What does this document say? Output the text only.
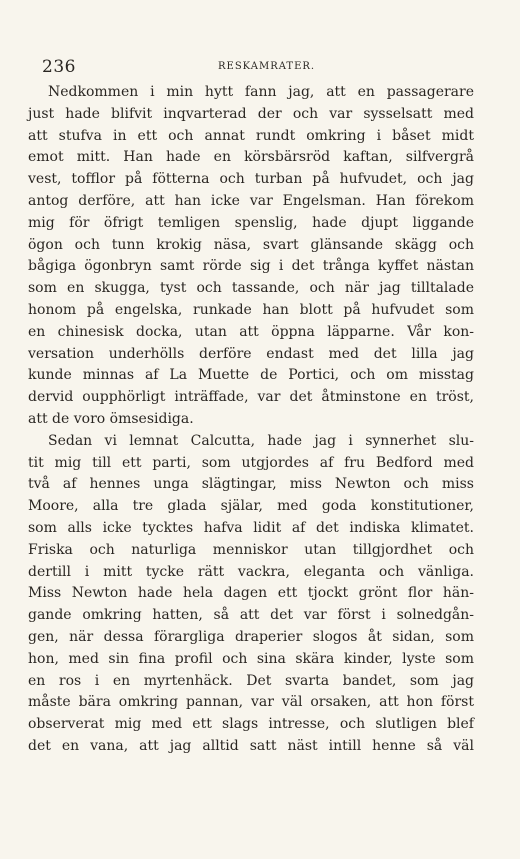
236	RESKAMRATER.
Nedkommen i min hytt fann jag, att en passagerare
just hade blifvit inqvarterad der och var sysselsatt med
att stufva in ett och annat rundt omkring i båset midt
emot mitt. Han hade en körsbärsröd kaftan, silfvergrå
vest, tofflor på fötterna och turban på hufvudet, och jag
antog derföre, att han icke var Engelsman. Han förekom
mig för öfrigt temligen spenslig, hade djupt liggande
ögon och tunn krokig näsa, svart glänsande skägg och
bågiga ögonbryn samt rörde sig i det trånga kyffet nästan
som en skugga, tyst och tassande, och när jag tilltalade
honom på engelska, runkade han blott på hufvudet som
en chinesisk docka, utan att öppna läpparne. Vår kon-
versation underhölls derföre endast med det lilla jag
kunde minnas af La Muette de Portici, och om misstag
dervid oupphörligt inträffade, var det åtminstone en tröst,
att de voro ömsesidiga.
Sedan vi lemnat Calcutta, hade jag i synnerhet slu-
tit mig till ett parti, som utgjordes af fru Bedford med
två af hennes unga slägtingar, miss Newton och miss
Moore, alla tre glada själar, med goda konstitutioner,
som alls icke tycktes hafva lidit af det indiska klimatet.
Friska och naturliga menniskor utan tillgjordhet och
dertill i mitt tycke rätt vackra, eleganta och vänliga.
Miss Newton hade hela dagen ett tjockt grönt flor hän-
gande omkring hatten, så att det var först i solnedgån-
gen, när dessa förargliga draperier slogos åt sidan, som
hon, med sin fina profil och sina skära kinder, lyste som
en ros i en myrtenhäck. Det svarta bandet, som jag
måste bära omkring pannan, var väl orsaken, att hon först
observerat mig med ett slags intresse, och slutligen blef
det en vana, att jag alltid satt näst intill henne så väl
